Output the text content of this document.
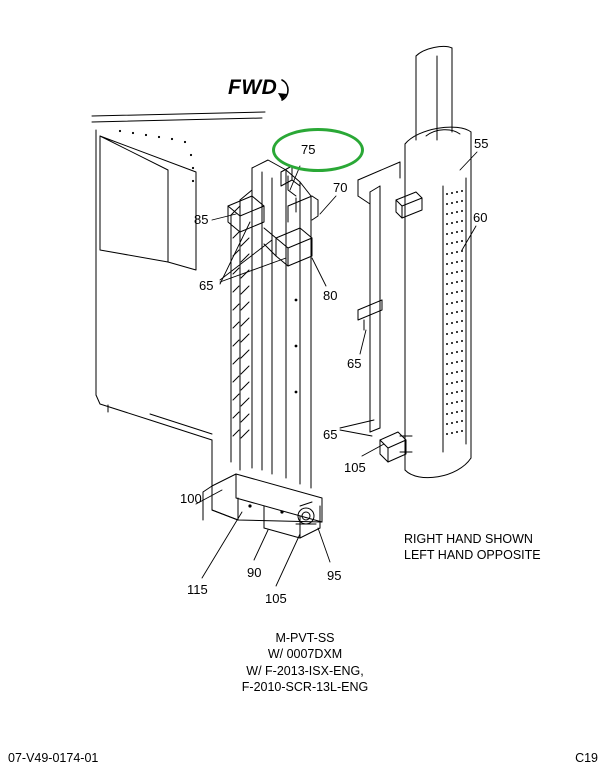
FWD
75	55
70
60
85
65
80
65
65
105
100
95
90
115
105
RIGHT HAND SHOWN
LEFT HAND OPPOSITE
M-PVT-SS
W/ 0007DXM
W/ F-2013-ISX-ENG,
F-2010-SCR-13L-ENG
07-V49-0174-01	C19
